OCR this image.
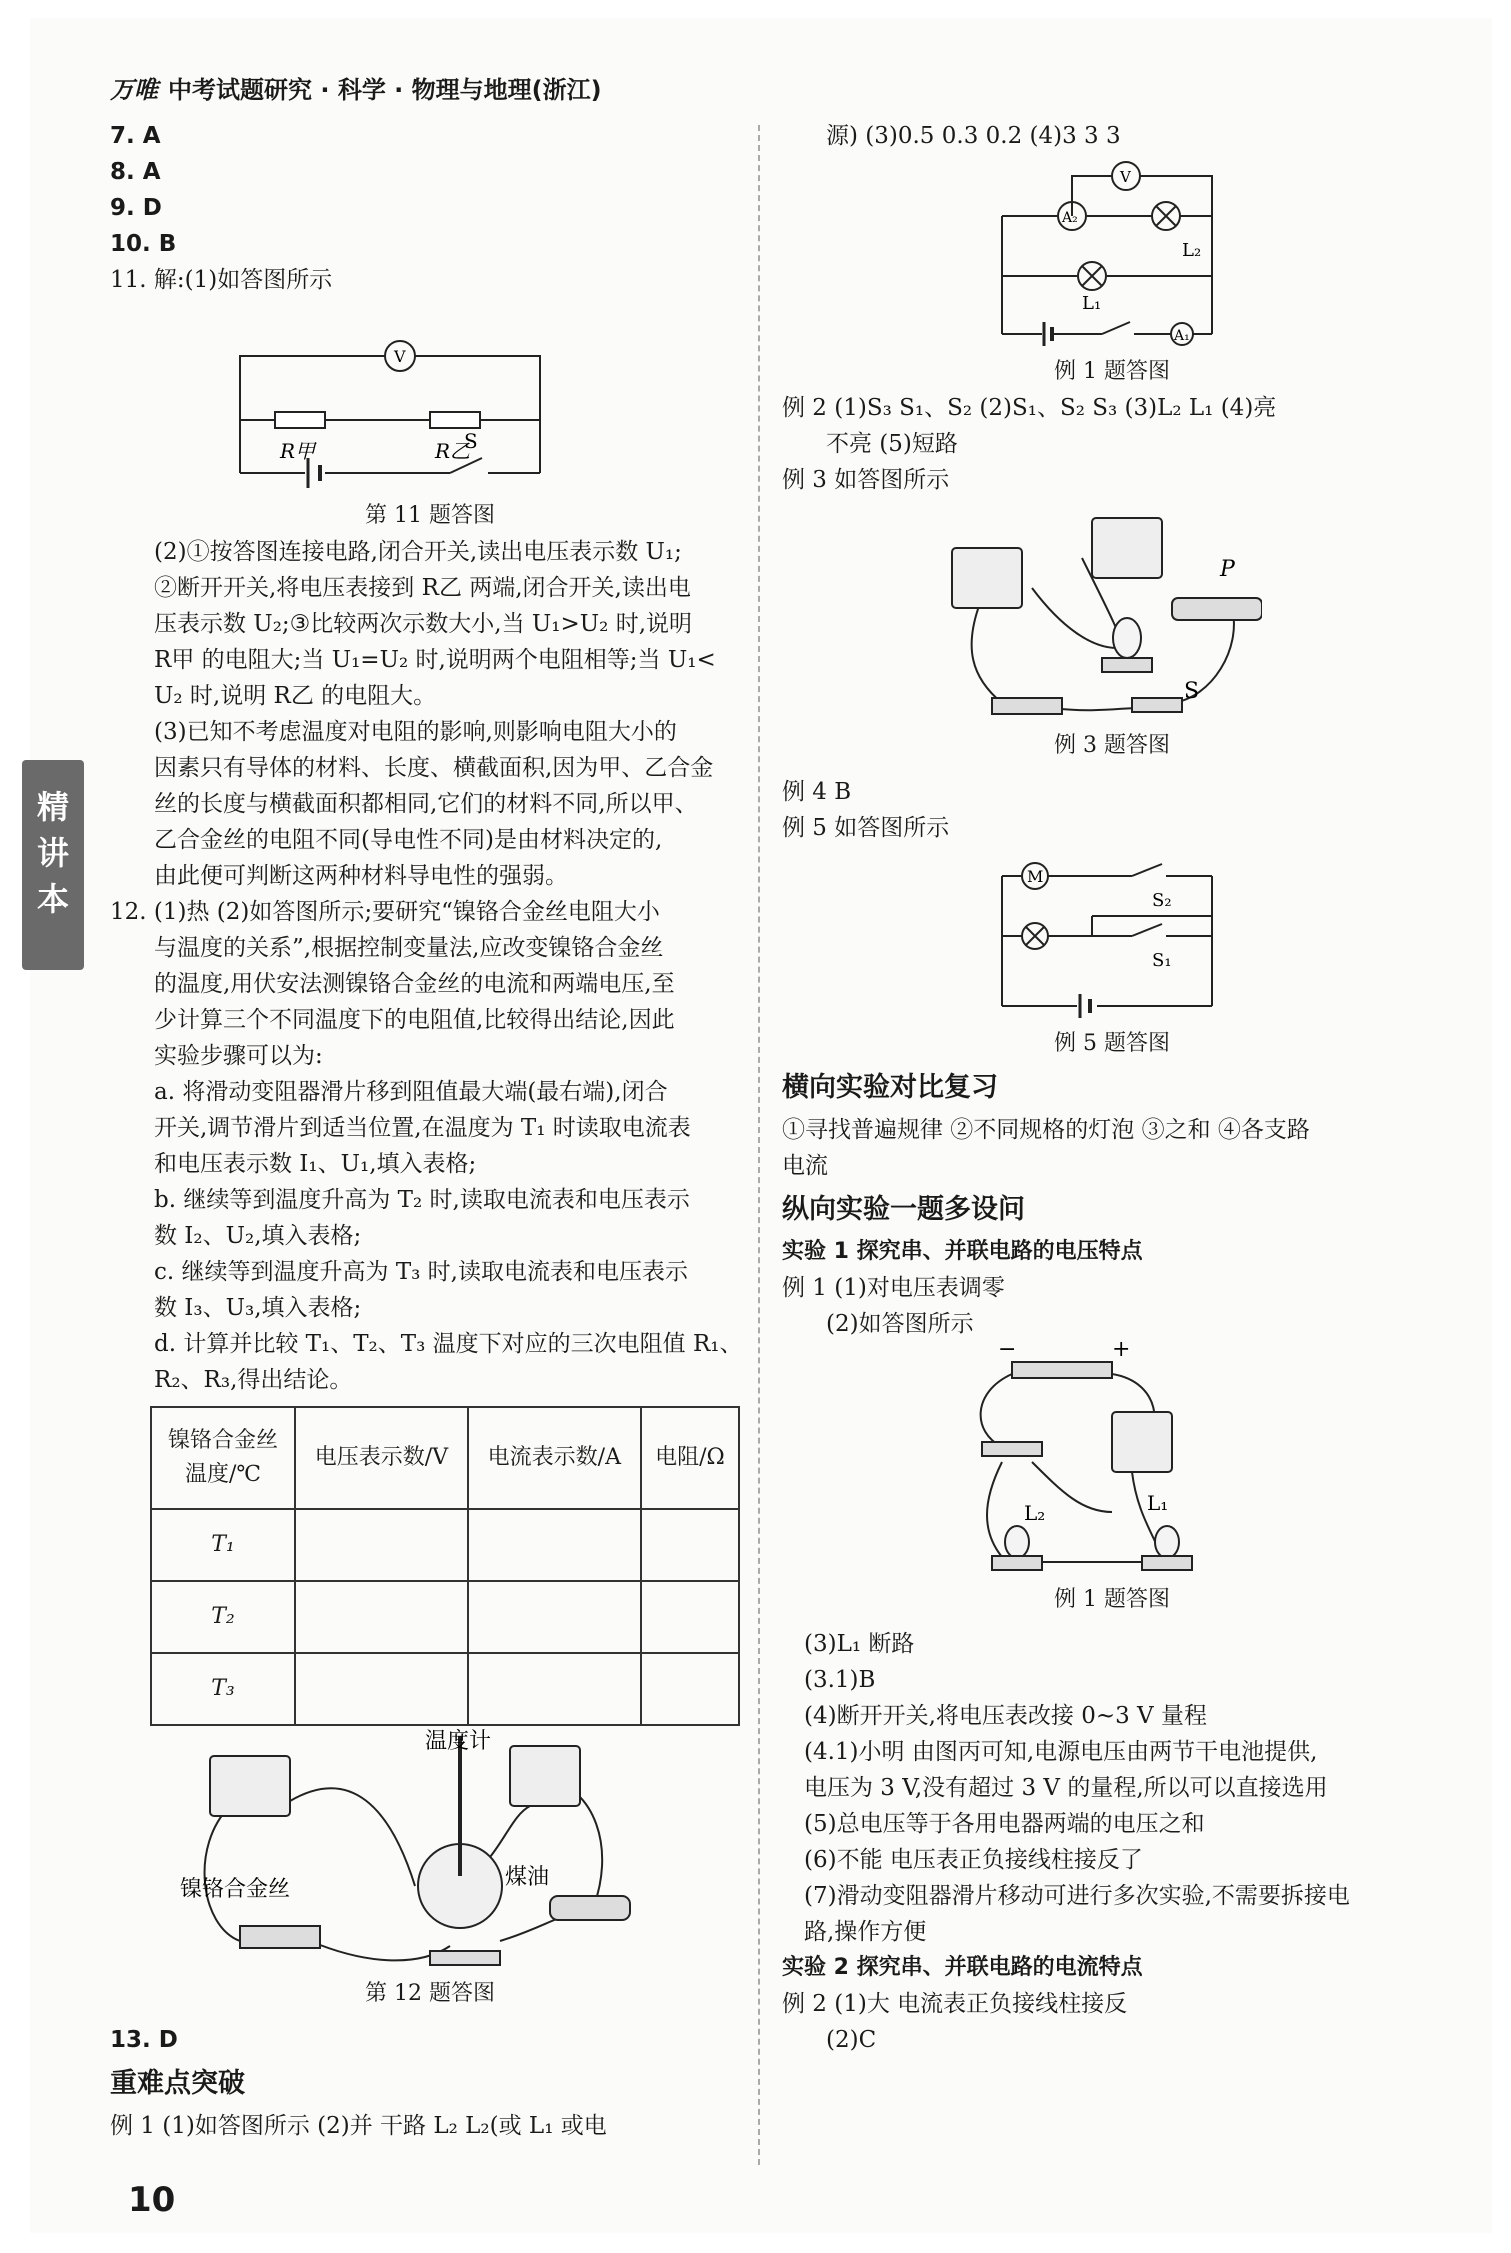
万唯 中考试题研究 · 科学 · 物理与地理(浙江)
精
讲
本
7. A
8. A
9. D
10. B
11. 解:(1)如答图所示
V
R甲	R乙
S
第 11 题答图
(2)①按答图连接电路,闭合开关,读出电压表示数 U₁;
②断开开关,将电压表接到 R乙 两端,闭合开关,读出电
压表示数 U₂;③比较两次示数大小,当 U₁>U₂ 时,说明
R甲 的电阻大;当 U₁=U₂ 时,说明两个电阻相等;当 U₁<
U₂ 时,说明 R乙 的电阻大。
(3)已知不考虑温度对电阻的影响,则影响电阻大小的
因素只有导体的材料、长度、横截面积,因为甲、乙合金
丝的长度与横截面积都相同,它们的材料不同,所以甲、
乙合金丝的电阻不同(导电性不同)是由材料决定的,
由此便可判断这两种材料导电性的强弱。
12. (1)热 (2)如答图所示;要研究“镍铬合金丝电阻大小
与温度的关系”,根据控制变量法,应改变镍铬合金丝
的温度,用伏安法测镍铬合金丝的电流和两端电压,至
少计算三个不同温度下的电阻值,比较得出结论,因此
实验步骤可以为:
a. 将滑动变阻器滑片移到阻值最大端(最右端),闭合
开关,调节滑片到适当位置,在温度为 T₁ 时读取电流表
和电压表示数 I₁、U₁,填入表格;
b. 继续等到温度升高为 T₂ 时,读取电流表和电压表示
数 I₂、U₂,填入表格;
c. 继续等到温度升高为 T₃ 时,读取电流表和电压表示
数 I₃、U₃,填入表格;
d. 计算并比较 T₁、T₂、T₃ 温度下对应的三次电阻值 R₁、
R₂、R₃,得出结论。
镍铬合金丝温度/℃	电压表示数/V	电流表示数/A	电阻/Ω
T₁			
T₂			
T₃			
温度计
镍铬合金丝	煤油
第 12 题答图
13. D
重难点突破
例 1 (1)如答图所示 (2)并 干路 L₂ L₂(或 L₁ 或电
源) (3)0.5 0.3 0.2 (4)3 3 3
V
A₂
A₁
L₁
L₂
例 1 题答图
例 2 (1)S₃ S₁、S₂ (2)S₁、S₂ S₃ (3)L₂ L₁ (4)亮
不亮 (5)短路
例 3 如答图所示
P
S
例 3 题答图
例 4 B
例 5 如答图所示
M
S₂
S₁
例 5 题答图
横向实验对比复习
①寻找普遍规律 ②不同规格的灯泡 ③之和 ④各支路
电流
纵向实验一题多设问
实验 1 探究串、并联电路的电压特点
例 1 (1)对电压表调零
(2)如答图所示
−	+
L₁
L₂
例 1 题答图
(3)L₁ 断路
(3.1)B
(4)断开开关,将电压表改接 0~3 V 量程
(4.1)小明 由图丙可知,电源电压由两节干电池提供,
电压为 3 V,没有超过 3 V 的量程,所以可以直接选用
(5)总电压等于各用电器两端的电压之和
(6)不能 电压表正负接线柱接反了
(7)滑动变阻器滑片移动可进行多次实验,不需要拆接电
路,操作方便
实验 2 探究串、并联电路的电流特点
例 2 (1)大 电流表正负接线柱接反
(2)C
10
